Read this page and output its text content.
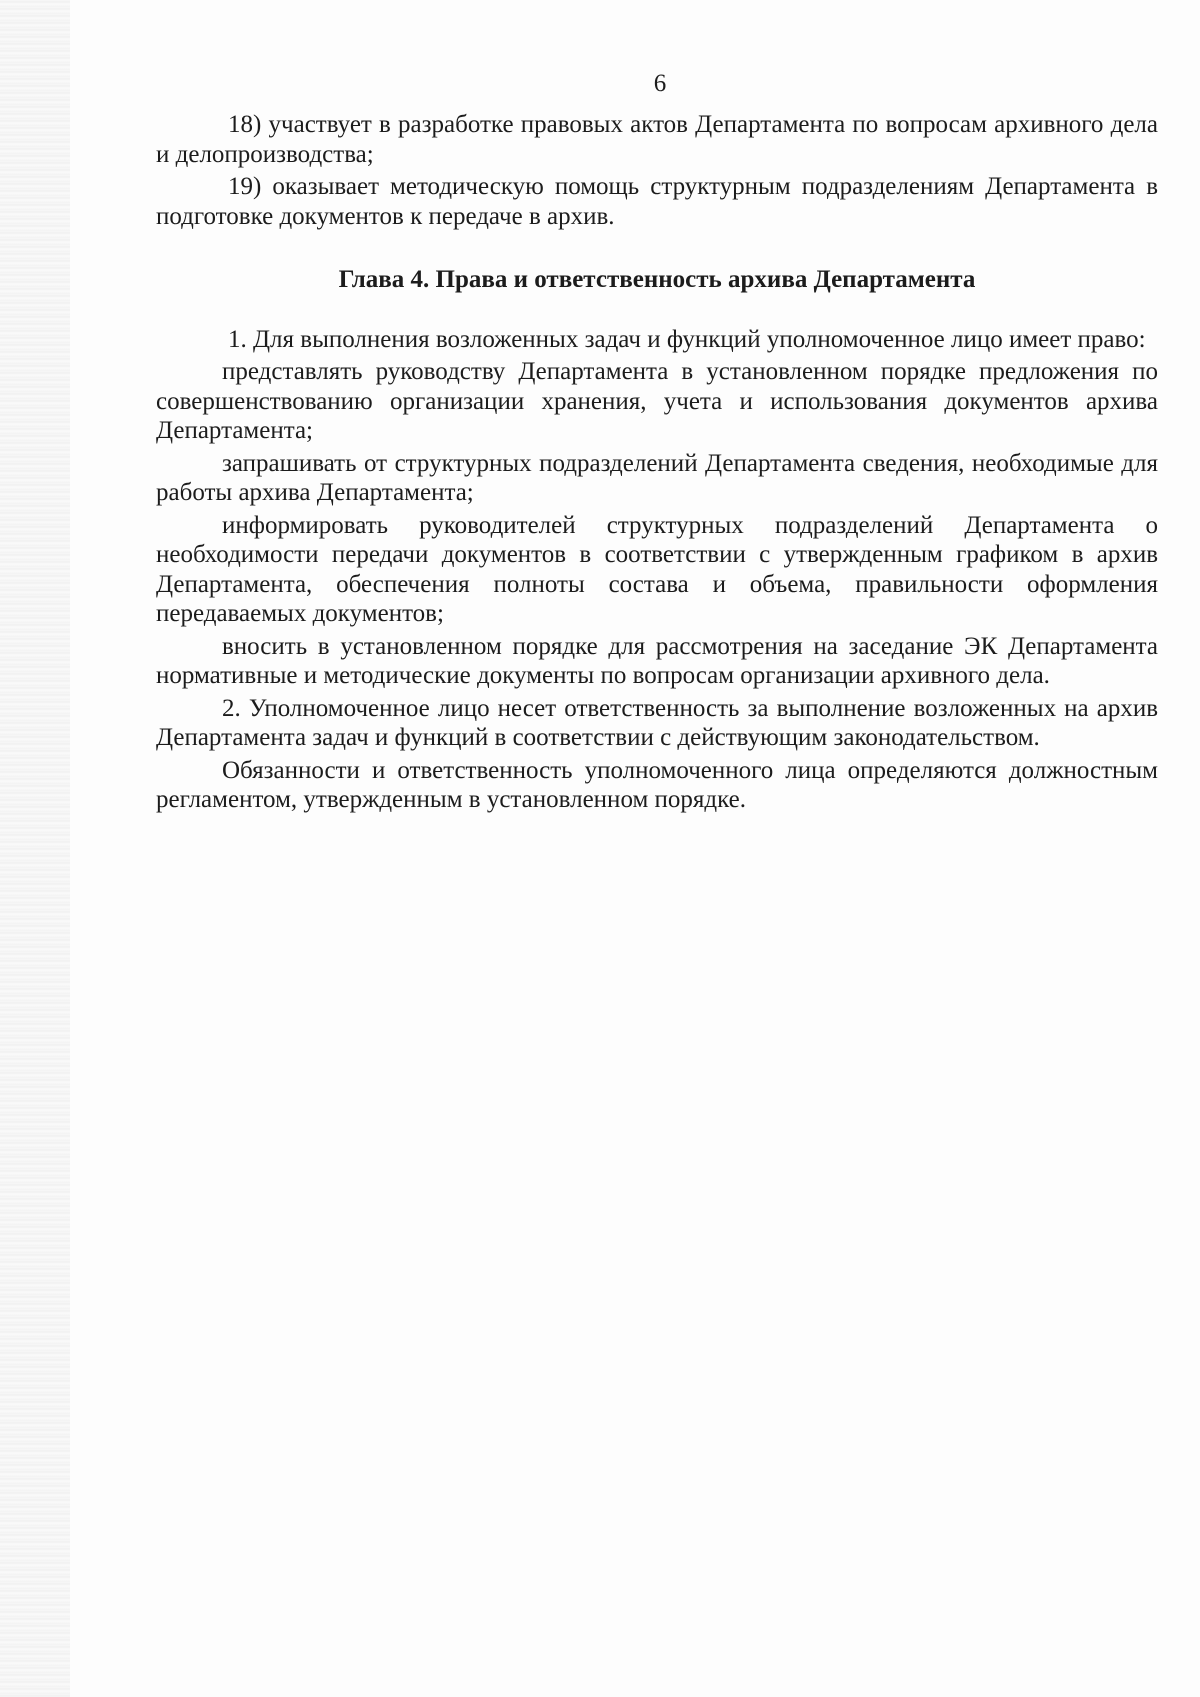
6

18) участвует в разработке правовых актов Департамента по вопросам архивного дела и делопроизводства;

19) оказывает методическую помощь структурным подразделениям Департамента в подготовке документов к передаче в архив.

Глава 4. Права и ответственность архива Департамента

1. Для выполнения возложенных задач и функций уполномоченное лицо имеет право:

представлять руководству Департамента в установленном порядке предложения по совершенствованию организации хранения, учета и использования документов архива Департамента;

запрашивать от структурных подразделений Департамента сведения, необходимые для работы архива Департамента;

информировать руководителей структурных подразделений Департамента о необходимости передачи документов в соответствии с утвержденным графиком в архив Департамента, обеспечения полноты состава и объема, правильности оформления передаваемых документов;

вносить в установленном порядке для рассмотрения на заседание ЭК Департамента нормативные и методические документы по вопросам организации архивного дела.

2. Уполномоченное лицо несет ответственность за выполнение возложенных на архив Департамента задач и функций в соответствии с действующим законодательством.

Обязанности и ответственность уполномоченного лица определяются должностным регламентом, утвержденным в установленном порядке.
